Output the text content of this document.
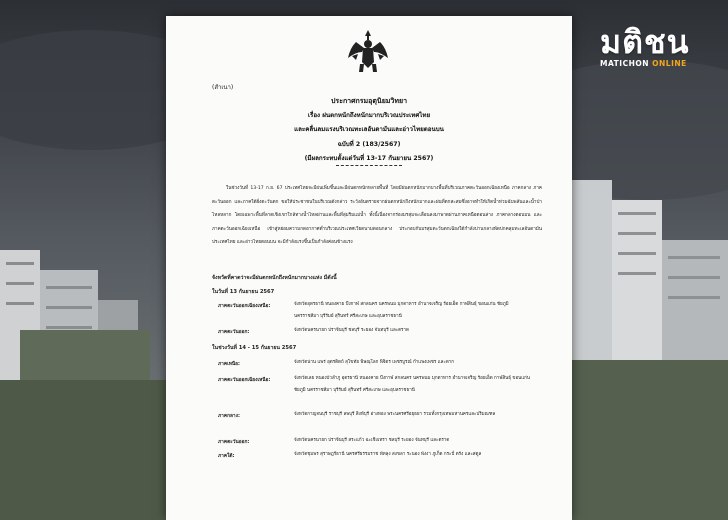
มติชน
MATICHON ONLINE
(สำเนา)
ประกาศกรมอุตุนิยมวิทยา
เรื่อง ฝนตกหนักถึงหนักมากบริเวณประเทศไทย
และคลื่นลมแรงบริเวณทะเลอันดามันและอ่าวไทยตอนบน
ฉบับที่ 2 (183/2567)
(มีผลกระทบตั้งแต่วันที่ 13-17 กันยายน 2567)
ในช่วงวันที่ 13-17 ก.ย. 67 ประเทศไทยจะมีฝนเพิ่มขึ้นและมีฝนตกหนักหลายพื้นที่ โดยมีฝนตกหนักมากบางพื้นที่บริเวณภาคตะวันออกเฉียงเหนือ ภาคกลาง ภาคตะวันออก และภาคใต้ฝั่งตะวันตก ขอให้ประชาชนในบริเวณดังกล่าว ระวังอันตรายจากฝนตกหนักถึงหนักมากและฝนที่ตกสะสมซึ่งอาจทำให้เกิดน้ำท่วมฉับพลันและน้ำป่าไหลหลาก โดยเฉพาะพื้นที่ลาดเชิงเขาใกล้ทางน้ำไหลผ่านและพื้นที่ลุ่มริมแม่น้ำ ทั้งนี้เนื่องจากร่องมรสุมจะเลื่อนลงมาพาดผ่านภาคเหนือตอนล่าง ภาคกลางตอนบน และภาคตะวันออกเฉียงเหนือ เข้าสู่หย่อมความกดอากาศต่ำบริเวณประเทศเวียดนามตอนกลาง ประกอบกับมรสุมตะวันตกเฉียงใต้กำลังปานกลางพัดปกคลุมทะเลอันดามัน ประเทศไทย และอ่าวไทยตอนบน จะมีกำลังแรงขึ้นเป็นกำลังค่อนข้างแรง
จังหวัดที่คาดว่าจะมีฝนตกหนักถึงหนักมากบางแห่ง มีดังนี้
ในวันที่ 13 กันยายน 2567
ภาคตะวันออกเฉียงเหนือ:	จังหวัดอุดรธานี หนองคาย บึงกาฬ สกลนคร นครพนม มุกดาหาร อำนาจเจริญ ร้อยเอ็ด กาฬสินธุ์ ขอนแก่น ชัยภูมิ นครราชสีมา บุรีรัมย์ สุรินทร์ ศรีสะเกษ และอุบลราชธานี
ภาคตะวันออก:	จังหวัดนครนายก ปราจีนบุรี ชลบุรี ระยอง จันทบุรี และตราด
ในช่วงวันที่ 14 - 15 กันยายน 2567
ภาคเหนือ:	จังหวัดน่าน แพร่ อุตรดิตถ์ สุโขทัย พิษณุโลก พิจิตร เพชรบูรณ์ กำแพงเพชร และตาก
ภาคตะวันออกเฉียงเหนือ:	จังหวัดเลย หนองบัวลำภู อุดรธานี หนองคาย บึงกาฬ สกลนคร นครพนม มุกดาหาร อำนาจเจริญ ร้อยเอ็ด กาฬสินธุ์ ขอนแก่น ชัยภูมิ นครราชสีมา บุรีรัมย์ สุรินทร์ ศรีสะเกษ และอุบลราชธานี
ภาคกลาง:	จังหวัดกาญจนบุรี ราชบุรี ลพบุรี สิงห์บุรี อ่างทอง พระนครศรีอยุธยา รวมทั้งกรุงเทพมหานครและปริมณฑล
ภาคตะวันออก:	จังหวัดนครนายก ปราจีนบุรี สระแก้ว ฉะเชิงเทรา ชลบุรี ระยอง จันทบุรี และตราด
ภาคใต้:	จังหวัดชุมพร สุราษฎร์ธานี นครศรีธรรมราช พัทลุง สงขลา ระนอง พังงา ภูเก็ต กระบี่ ตรัง และสตูล
